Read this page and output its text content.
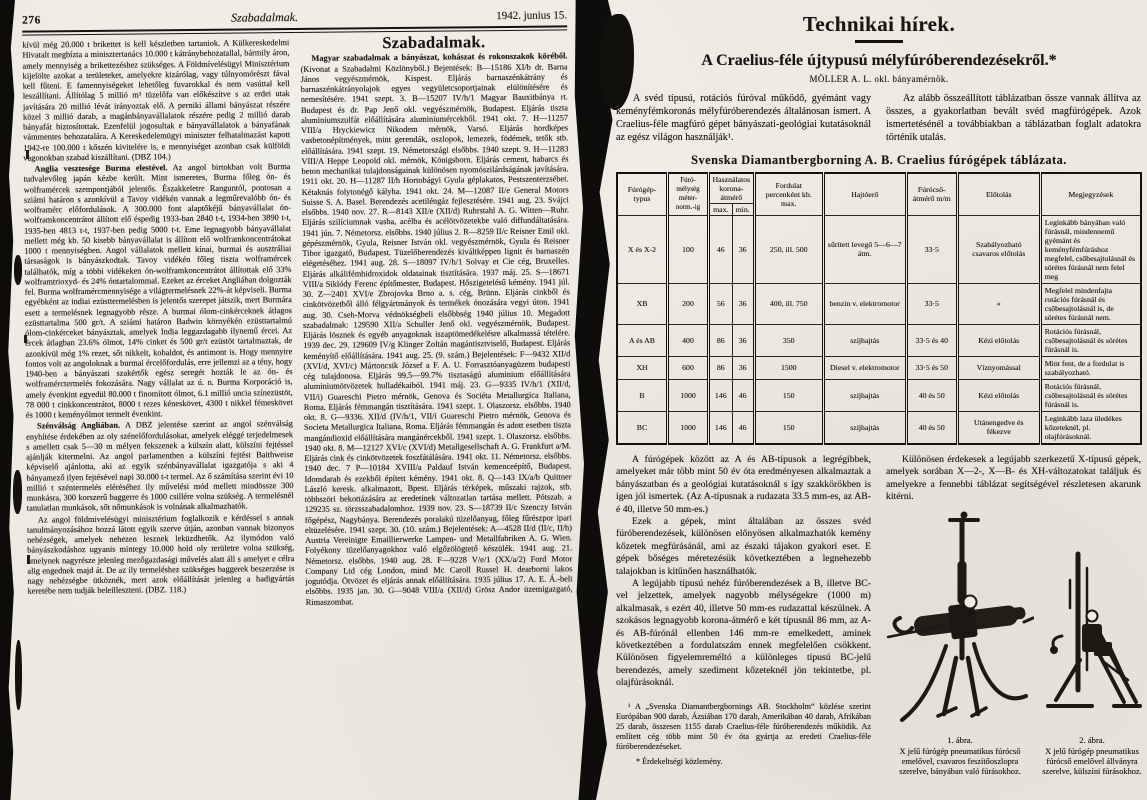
276	Szabadalmak.	1942. junius 15.

kívül még 20.000 t brikettet is kell készletben tartaniok. A Külkereskedelmi Hivatalt megbízta a minisztertanács 10.000 t kátránybehozatallal, bármily áron, amely mennyiség a brikettezéshez szükséges. A Földmívelésügyi Minisztérium kijelölte azokat a területeket, amelyekre kizárólag, vagy túlnyomórészt fával kell fűteni. E famennyiségeket lehetőleg fuvarokkal és nem vasúttal kell leszállítani. Állítólag 5 millió m³ tüzelőfa van előkészítve s az erdei utak javítására 20 millió lévát irányoztak elő. A perniki állami bányászat részére közel 3 millió darab, a magánbányavállalatok részére pedig 2 millió darab bányafát biztosítottak. Ezenfelül jogosultak e bányavállalatok a bányafának vámmentes behozatalára. A Kereskedelemügyi miniszter felhatalmazást kapott 1942-re 100.000 t kőszén kivitelére is, e mennyiséget azonban csak külföldi vagonokban szabad kiszállítani. (DBZ 104.)

Anglia vesztesége Burma elestével. Az angol birtokban volt Burma tudvalevőleg japán kézbe került. Mint ismeretes, Burma főleg ón- és wolframércek szempontjából jelentős. Északkeletre Ranguntól, pontosan a sziámi határon s azonkívül a Tavoy vidékén vannak a legműrevalóbb ón- és wolframérc előfordulások. A 300.000 font alaptőkéjű bányavállalat ón-wolframkoncentrátot állított elő éspedig 1933-ban 2840 t-t, 1934-ben 3890 t-t, 1935-ben 4813 t-t, 1937-ben pedig 5000 t-t. Eme legnagyobb bányavállalat mellett még kb. 50 kisebb bányavállalat is állított elő wolframkoncentrátokat 1000 t mennyiségben. Angol vállalatok mellett kínai, burmai és ausztráliai társaságok is bányászkodtak. Tavoy vidékén főleg tiszta wolframércek találhatók, míg a többi vidékeken ón-wolframkoncentrátot állítottak elő 33% wolframtrioxyd- és 24% óntartalommal. Ezeket az érceket Angliában dolgozták fel. Burma wolframércmennyisége a világtermelésnek 22%-át képviseli. Burma egyébként az indiai ezüsttermelésben is jelentős szerepet játszik, mert Burmára esett a termelésnek legnagyobb része. A burmai ólom-cinkérceknek átlagos ezüsttartalma 500 gr/t. A sziámi határon Badwin környékén ezüsttartalmú ólom-cinkérceket bányásztak, amelyek India leggazdagabb ilynemű ércei. Az ércek átlagban 23.6% ólmot, 14% cinket és 500 gr/t ezüstöt tartalmaztak, de azonkívül még 1% rezet, sőt nikkelt, kobaldot, és antimont is. Hogy mennyire fontos volt az angoloknak a burmai ércelőfordulás, erre jellemzi az a tény, hogy 1940-ben a bányászati szakértők egész seregét hozták le az ón- és wolframérctermelés fokozására. Nagy vállalat az ú. n. Burma Korporáció is, amely évenkint egyedül 80.000 t finomított ólmot, 6.1 millió uncia színezüstöt, 78 000 t cinkkoncentrátot, 8000 t rezes kéneskövet, 4300 t nikkel fémeskövet és 1000 t keményólmot termelt évenkint.

Szénválság Angliában. A DBZ jelentése szerint az angol szénválság enyhítése érdekében az oly szénelőfordulásokat, amelyek eléggé terjedelmesek s amellett csak 5—30 m mélyen fekszenek a külszín alatt, külszíni fejtéssel ajánlják kitermelni. Az angol parlamentben a külszíni fejtést Baithweise képviselő ajánlotta, aki az egyik szénbányavállalat igazgatója s aki 4 bányamező ilyen fejtésével napi 30.000 t-t termel. Az ő számítása szerint évi 10 millió t széntermelés eléréséhez ily művelési mód mellett mindössze 300 munkásra, 300 korszerű baggerre és 1000 csillére volna szükség. A termelésnél tanulatlan munkások, sőt nőmunkások is volnának alkalmazhatók.

Az angol földmivelésügyi minisztérium foglalkozik e kérdéssel s annak tanulmányozásához hozzá látott egyik szerve útján, azonban vannak bizonyos nehézségek, amelyek nehezen lesznek leküzdhetők. Az ilymódon való bányászkodáshoz ugyanis mintegy 10.000 hold oly területre volna szükség, amelynek nagyrésze jelenleg mezőgazdasági művelés alatt áll s amelyet e célra alig engednek majd át. De az ily termeléshez szükséges baggerek beszerzése is nagy nehézségbe ütköznék, mert azok előállítását jelenleg a hadigyártás keretébe nem tudják beleilleszteni. (DBZ. 118.)

Szabadalmak.

Magyar szabadalmak a bányászat, kohászat és rokonszakok köréből. (Kivonat a Szabadalmi Közlönyből.) Bejentések: B—15186 XI/b dr. Barna János vegyészmérnök, Kispest. Eljárás barnaszénkátrány és barnaszénkátrányolajok egyes vegyületcsoportjainak elülönítésére és nemesítésére. 1941 szept. 3. B—15207 IV/h/1 Magyar Bauxitbánya rt. Budapest és dr. Pap Jenő okl. vegyészmérnök, Budapest. Eljárás tiszta aluminiumszulfát előállítására aluminiumércekből. 1941 okt. 7. H—11257 VIII/a Hryckiewicz Nikodem mérnök, Varsó. Eljárás hordképes vasbetonépítmények, mint gerendák, oszlopok, lemezek, födémek, tetők stb. előállítására. 1941 szept. 19. Németországi elsőbbs. 1940 szept. 9. H—11283 VIII/A Heppe Leopold okl. mérnök, Königsborn. Eljárás cement, habarcs és beton mechanikai tulajdonságainak különösen nyomószilárdságának javítására. 1911 okt. 20. H—11287 II/h Hortobágyi Gyula géplakatos, Pestszenterzsébet. Kétaknás folytonégő kályha. 1941 okt. 24. M—12087 II/e General Motors Suisse S. A. Basel. Berendezés acetiléngáz fejlesztésére. 1941 aug. 23. Svájci elsőbbs. 1940 nov. 27. R—8143 XII/e (XII/d) Ruhrstahl A. G. Witten—Ruhr. Eljárás szilíciumnak vasba, acélba és acélötvözetekbe való diffundáltatására. 1941 jún. 7. Németorsz. elsőbbs. 1940 július 2. R—8259 II/c Reisner Emil okl. gépészmérnök, Gyula, Reisner István okl. vegyészmérnök, Gyula és Reisner Tibor igazgató, Budapest. Tüzelőberendezés kiváltképpen lignit és barnaszén elégetéséhez. 1941 aug. 28. S—18097 IV/h/1 Solvay et Cie cég, Bruxelles. Eljárás alkálifémhidroxidok oldatainak tisztítására. 1937 máj. 25. S—18671 VIII/a Siklódy Ferenc építőmester, Budapest. Hőszigetelésű kémény. 1941 júl. 30. Z—2401 XVI/e Zbrojovka Brno a. s. cég, Brünn. Eljárás cinkből és cinkötvözetből álló félgyártmányok és termékek ónozására vegyi úton. 1941 aug. 30. Cseh-Morva védnökségbeli elsőbbség 1940 július 10. Megadott szabadalmak: 129590 XII/a Schuller Jenő okl. vegyészmérnök, Budapest. Eljárás lösznek és egyéb anyagoknak iszaptömedékelésre alkalmassá tételére. 1939 dec. 29. 129609 IV/g Klinger Zoltán magántisztviselő, Budapest. Eljárás keményítő előállítására. 1941 aug. 25. (9. szám.) Bejelentések: F—9432 XII/d (XVI/d, XVI/c) Mártoncsik József a F. A. U. Forrasztóanyagüzem budapesti cég tulajdonosa. Eljárás 99.5—99.7% tisztaságú aluminium előállítására aluminiumötvözetek hulladékaiból. 1941 máj. 23. G—9335 IV/h/1 (XII/d, VII/i) Guareschi Pietro mérnök, Genova és Sociéta Metallurgica Italiana, Roma. Eljárás fémmangán tisztítására. 1941 szept. 1. Olaszorsz. elsőbbs. 1940 okt. 8. G—9336. XII/d (IV/h/1, VII/i Guareschi Pietro mérnök, Genova és Societa Metallurgica Italiana, Roma. Eljárás fémmangán és adott esetben tiszta mangándioxid előállítására mangánércekből. 1941 szept. 1. Olaszorsz. elsőbbs. 1940 okt. 8. M—12127 XVI/c (XVI/d) Metallgesellschaft A. G. Frankfurt a/M. Eljárás cink és cinkötvözetek foszfátálására. 1941 okt. 11. Németorsz. elsőbbs. 1940 dec. 7 P—10184 XVIII/a Paldauf István kemenceépítő, Budapest. Idomdarab és ezekből épített kémény. 1941 okt. 8. Q—143 IX/a/b Quittner László keresk. alkalmazott, Bpest. Eljárás térképek, műszaki rajzok, stb. többszöri bekottázására az eredetinek változatlan tartása mellett. Pótszab. a 129235 sz. törzsszabadalomhoz. 1939 nov. 23. S—18739 II/c Szenczy István főgépész, Nagybánya. Berendezés poralakú tüzelőanyag, főleg fűrészpor ipari eltüzelésére. 1941 szept. 30. (10. szám.) Bejelentések: A—4528 II/d (II/c, II/h) Austria Vereinigte Emaillierwerke Lampen- und Metallfabriken A. G. Wien. Folyékony tüzelőanyagokhoz való elgőzölögtető készülék. 1941 aug. 21. Németorsz. elsőbbs. 1940 aug. 28. F—9228 V/e/1 (XX/a/2) Ford Motor Company Ltd cég London, mind Mc Caroll Russel H. dearborni lakos jogutódja. Ötvözet és eljárás annak előállítására. 1935 július 17. A. E. Á.-beli elsőbbs. 1935 jan. 30. G—9048 VIII/a (XII/d) Grösz Andor üzemigazgató, Rimaszombat.

Technikai hírek.
A Craelius-féle újtypusú mélyfúróberendezésekről.*
MÖLLER A. L. okl. bányamérnök.

A svéd típusú, rotációs fúróval működő, gyémánt vagy keményfémkoronás mélyfúróberendezés általánosan ismert. A Craelius-féle magfúró gépet bányászati-geológiai kutatásoknál az egész világon használják¹.

Az alább összeállított táblázatban össze vannak állítva az összes, a gyakorlatban bevált svéd magfúrógépek. Azok ismertetésénél a továbbiakban a táblázatban foglalt adatokra történik utalás.

Svenska Diamantbergborning A. B. Craelius fúrógépek táblázata.
Fúrógép-typus	Fúró-mélység méter-norm.-ig	Használatos korona-átmérő		Fordulat percenként kb. max.	Hajtóerő	Fúrócső-átmérő m/m	Előtolás	Megjegyzések
		max.	min.					
X és X-2	100	46	36	250, ill. 500	sűrített levegő 5—6—7 átm.	33·5	Szabályozható csavaros előtolás	Leginkább bányában való fúrásnál, mindennemű gyémánt és keményfémfúráshoz megfelel, csőbesajtolásnál és sörétes fúrásnál nem felel meg
XB	200	56	36	400, ill. 750	benzin v. elektromotor	33·5	«	Megfelel mindenfajta rotációs fúrásnál és csőbesajtolásnál is, de sörétes fúrásnál nem.
A és AB	400	86	36	350	szíjhajtás	33·5 és 40	Kézi előtolás	Rotációs fúrásnál, csőbesajtolásnál és sörétes fúrásnál is.
XH	600	86	36	1500	Diesel v. elektromotor	33·5 és 50	Víznyomással	Mint fent, de a fordulat is szabályozható.
B	1000	146	46	150	szíjhajtás	40 és 50	Kézi előtolás	Rotációs fúrásnál, csőbesajtolásnál és sörétes fúrásnál is.
BC	1000	146	46	150	szíjhajtás	40 és 50	Utánengedve és fékezve	Leginkább laza üledékes kőzeteknél, pl. olajfúrásoknál.

A fúrógépek között az A és AB-típusok a legrégibbek, amelyeket már több mint 50 év óta eredményesen alkalmaztak a bányászatban és a geológiai kutatásoknál s így szakkörökben is igen jól ismertek. (Az A-típusnak a rudazata 33.5 mm-es, az AB-é 40, illetve 50 mm-es.)

Ezek a gépek, mint általában az összes svéd fúróberendezések, különösen előnyösen alkalmazhatók kemény kőzetek megfúrásánál, ami az északi tájakon gyakori eset. E gépek bőséges méretezésük következtében a legnehezebb talajokban is kitűnően használhatók.

A legújabb típusú nehéz fúróberendezések a B, illetve BC-vel jelzettek, amelyek nagyobb mélységekre (1000 m) alkalmasak, s ezért 40, illetve 50 mm-es rudazattal készülnek. A szokásos legnagyobb korona-átmérő e két típusnál 86 mm, az A- és AB-fúrónál ellenben 146 mm-re emelkedett, aminek következtében a fordulatszám ennek megfelelően csökkent. Különösen figyelemreméltó a különleges típusú BC-jelű berendezés, amely szediment kőzeteknél jön tekintetbe, pl. olajfúrásoknál.

¹ A „Svenska Diamantbergbornings AB. Stockholm“ közlése szerint Európában 900 darab, Ázsiában 170 darab, Amerikában 40 darab, Afrikában 25 darab, összesen 1155 darab Craelius-féle fúróberendezés működik. Az említett cég több mint 50 év óta gyártja az eredeti Craelius-féle fúróberendezéseket.

* Érdekeltségi közlemény.

Különösen érdekesek a legújabb szerkezetű X-típusú gépek, amelyek sorában X—2-, X—B- és XH-változatokat találjuk és amelyekre a fennebbi táblázat segítségével részletesen akarunk kitérni.

1. ábra.
X jelű fúrógép pneumatikus fúrócső emelővel, csavaros feszítőoszlopra szerelve, bányában való fúrásokhoz.
2. ábra.
X jelű fúrógép pneumatikus fúrócső emelővel állványra szerelve, külszíni fúrásokhoz.
